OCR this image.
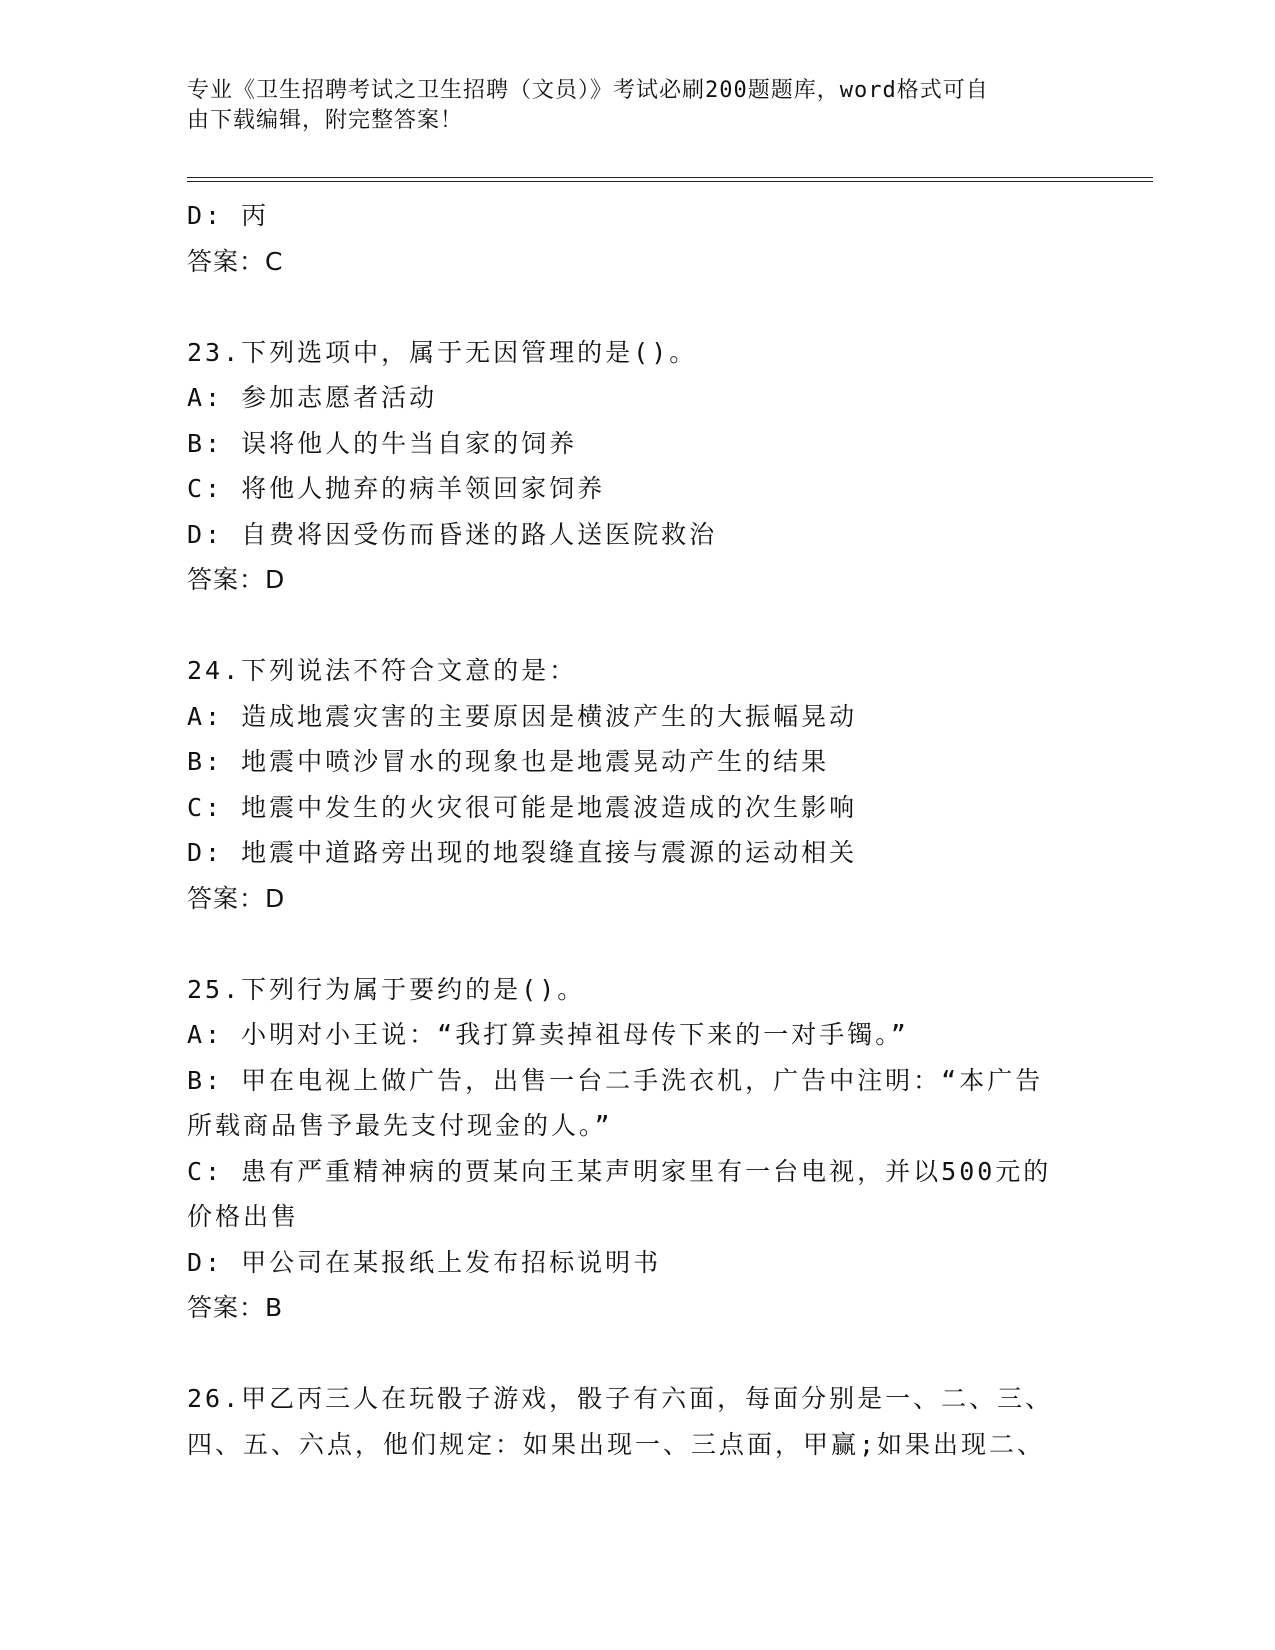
专业《卫生招聘考试之卫生招聘（文员）》考试必刷200题题库，word格式可自
由下载编辑，附完整答案！
D: 丙
答案：C
23.下列选项中，属于无因管理的是()。
A: 参加志愿者活动
B: 误将他人的牛当自家的饲养
C: 将他人抛弃的病羊领回家饲养
D: 自费将因受伤而昏迷的路人送医院救治
答案：D
24.下列说法不符合文意的是：
A: 造成地震灾害的主要原因是横波产生的大振幅晃动
B: 地震中喷沙冒水的现象也是地震晃动产生的结果
C: 地震中发生的火灾很可能是地震波造成的次生影响
D: 地震中道路旁出现的地裂缝直接与震源的运动相关
答案：D
25.下列行为属于要约的是()。
A: 小明对小王说：“我打算卖掉祖母传下来的一对手镯。”
B: 甲在电视上做广告，出售一台二手洗衣机，广告中注明：“本广告
所载商品售予最先支付现金的人。”
C: 患有严重精神病的贾某向王某声明家里有一台电视，并以500元的
价格出售
D: 甲公司在某报纸上发布招标说明书
答案：B
26.甲乙丙三人在玩骰子游戏，骰子有六面，每面分别是一、二、三、
四、五、六点，他们规定：如果出现一、三点面，甲赢;如果出现二、
